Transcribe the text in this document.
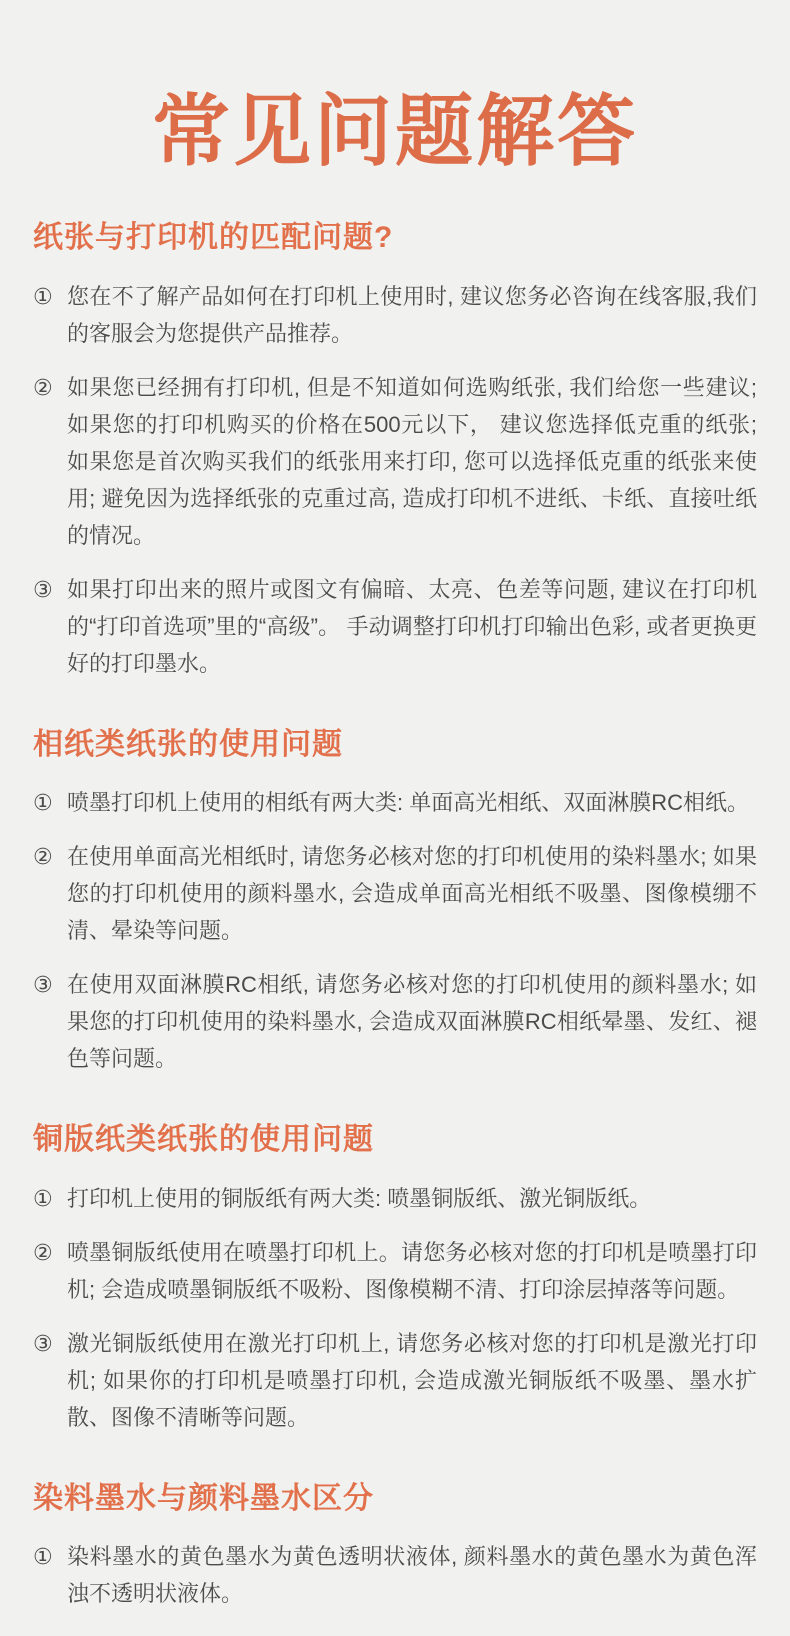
常见问题解答
纸张与打印机的匹配问题?
① 您在不了解产品如何在打印机上使用时, 建议您务必咨询在线客服,我们的客服会为您提供产品推荐。
② 如果您已经拥有打印机, 但是不知道如何选购纸张, 我们给您一些建议; 如果您的打印机购买的价格在500元以下， 建议您选择低克重的纸张; 如果您是首次购买我们的纸张用来打印, 您可以选择低克重的纸张来使用; 避免因为选择纸张的克重过高, 造成打印机不进纸、卡纸、直接吐纸的情况。
③ 如果打印出来的照片或图文有偏暗、太亮、色差等问题, 建议在打印机的“打印首选项”里的“高级”。 手动调整打印机打印输出色彩, 或者更换更好的打印墨水。
相纸类纸张的使用问题
① 喷墨打印机上使用的相纸有两大类: 单面高光相纸、双面淋膜RC相纸。
② 在使用单面高光相纸时, 请您务必核对您的打印机使用的染料墨水; 如果您的打印机使用的颜料墨水, 会造成单面高光相纸不吸墨、图像模绷不清、晕染等问题。
③ 在使用双面淋膜RC相纸, 请您务必核对您的打印机使用的颜料墨水; 如果您的打印机使用的染料墨水, 会造成双面淋膜RC相纸晕墨、发红、褪色等问题。
铜版纸类纸张的使用问题
① 打印机上使用的铜版纸有两大类: 喷墨铜版纸、激光铜版纸。
② 喷墨铜版纸使用在喷墨打印机上。请您务必核对您的打印机是喷墨打印机; 会造成喷墨铜版纸不吸粉、图像模糊不清、打印涂层掉落等问题。
③ 激光铜版纸使用在激光打印机上, 请您务必核对您的打印机是激光打印机; 如果你的打印机是喷墨打印机, 会造成激光铜版纸不吸墨、墨水扩散、图像不清晰等问题。
染料墨水与颜料墨水区分
① 染料墨水的黄色墨水为黄色透明状液体, 颜料墨水的黄色墨水为黄色浑浊不透明状液体。
